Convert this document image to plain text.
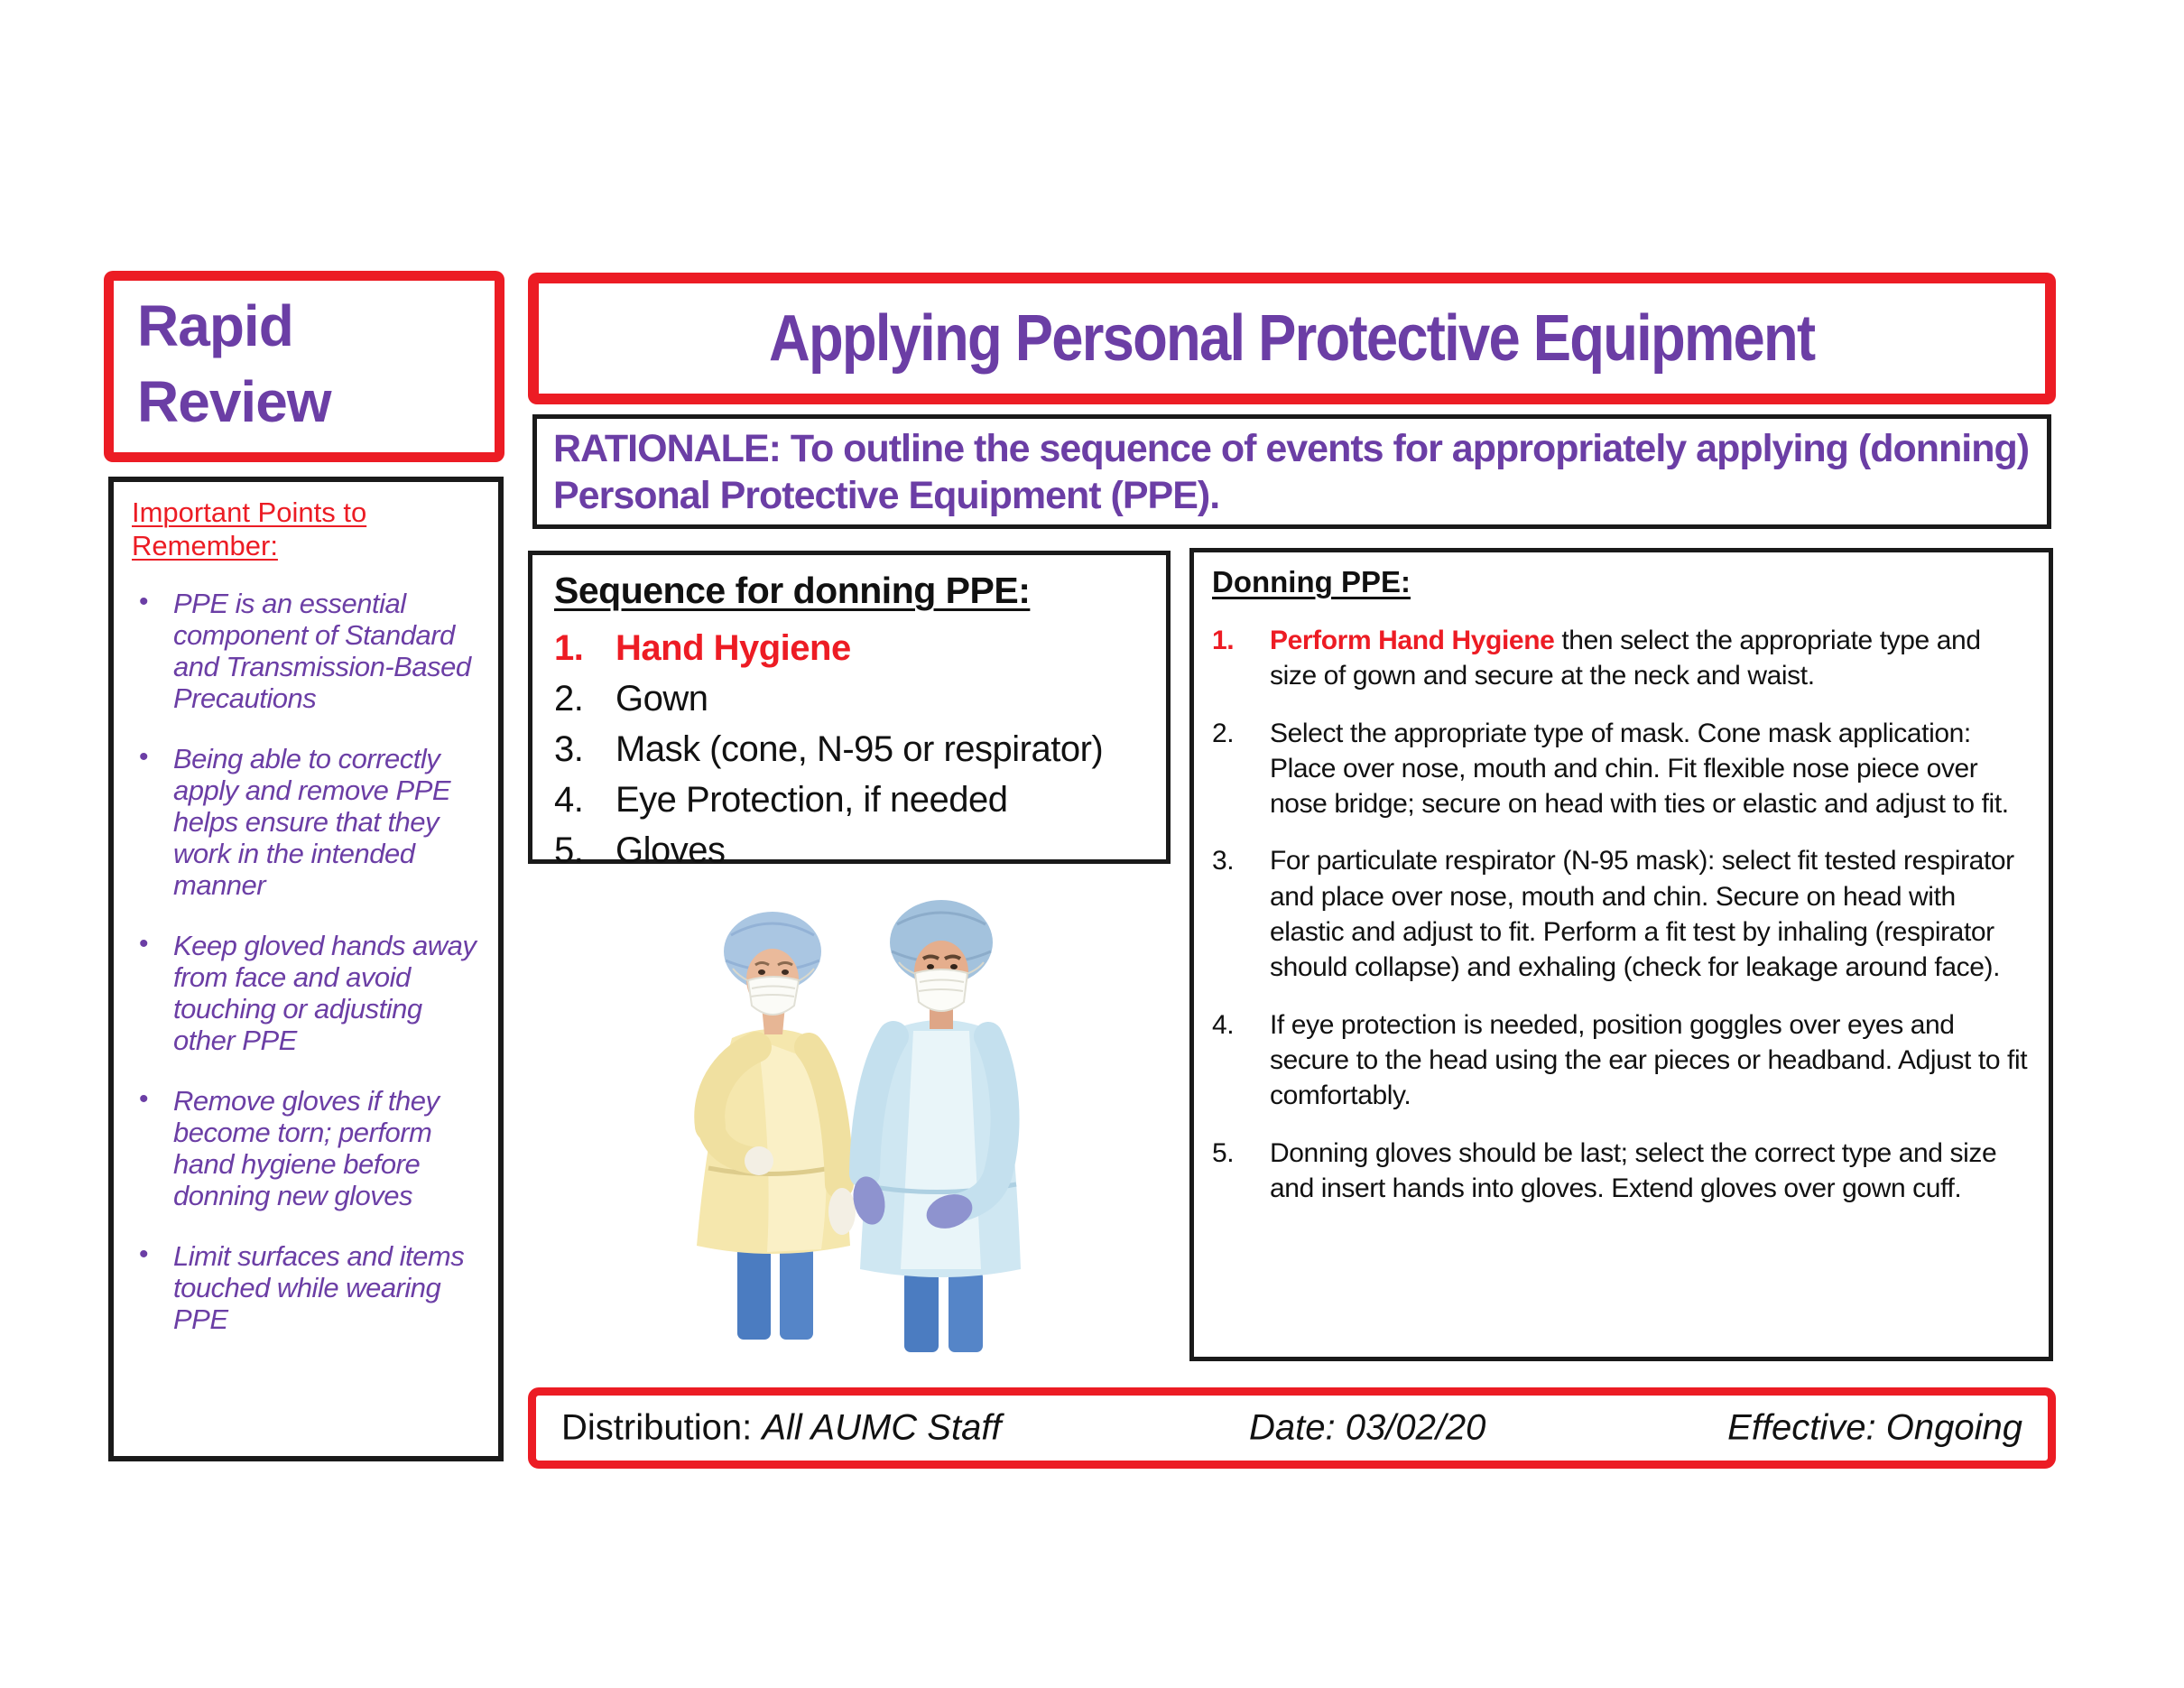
Rapid
Review
Applying Personal Protective Equipment
RATIONALE: To outline the sequence of events for appropriately applying (donning) Personal Protective Equipment (PPE).
Important Points to Remember:
• PPE is an essential component of Standard and Transmission-Based Precautions
• Being able to correctly apply and remove PPE helps ensure that they work in the intended manner
• Keep gloved hands away from face and avoid touching or adjusting other PPE
• Remove gloves if they become torn; perform hand hygiene before donning new gloves
• Limit surfaces and items touched while wearing PPE
Sequence for donning PPE:
1. Hand Hygiene
2. Gown
3. Mask (cone, N-95 or respirator)
4. Eye Protection, if needed
5. Gloves
Donning PPE:
1.	Perform Hand Hygiene then select the appropriate type and size of gown and secure at the neck and waist.
2.	Select the appropriate type of mask. Cone mask application: Place over nose, mouth and chin. Fit flexible nose piece over nose bridge; secure on head with ties or elastic and adjust to fit.
3.	For particulate respirator (N-95 mask): select fit tested respirator and place over nose, mouth and chin. Secure on head with elastic and adjust to fit. Perform a fit test by inhaling (respirator should collapse) and exhaling (check for leakage around face).
4.	If eye protection is needed, position goggles over eyes and secure to the head using the ear pieces or headband. Adjust to fit comfortably.
5.	Donning gloves should be last; select the correct type and size and insert hands into gloves. Extend gloves over gown cuff.
Distribution: All AUMC Staff	Date: 03/02/20	Effective: Ongoing
